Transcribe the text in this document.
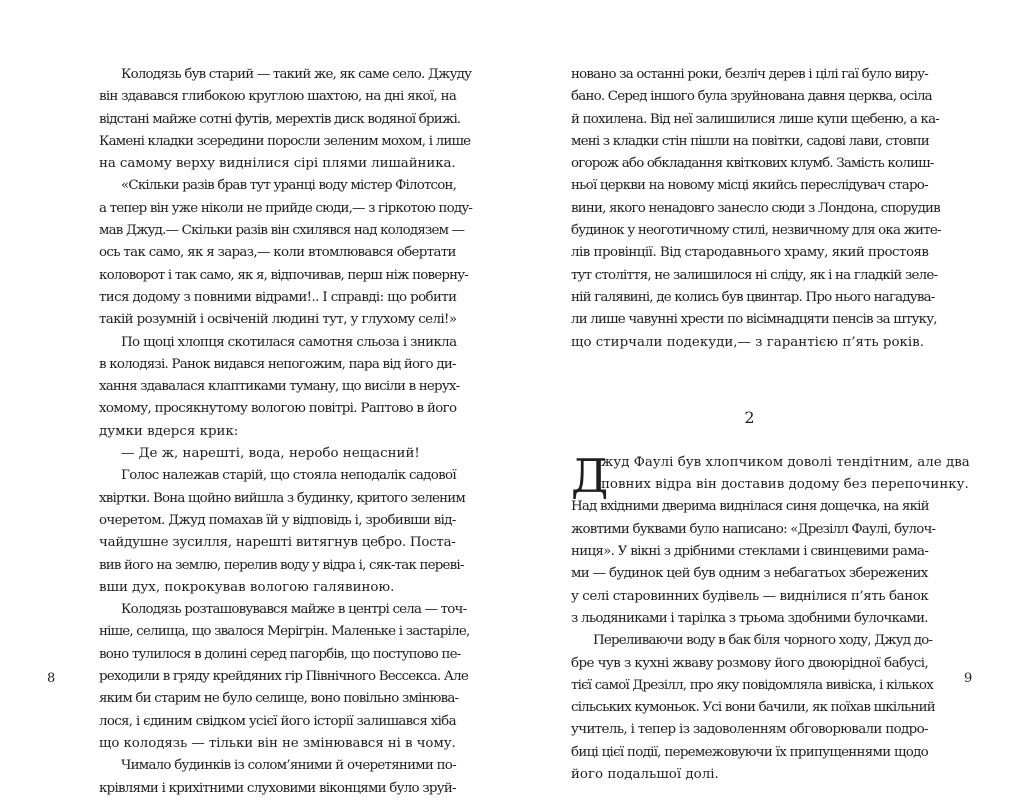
Колодязь був старий — такий же, як саме село. Джуду
він здавався глибокою круглою шахтою, на дні якої, на
відстані майже сотні футів, мерехтів диск водяної брижі.
Камені кладки зсередини поросли зеленим мохом, і лише
на самому верху виднілися сірі плями лишайника.
«Скільки разів брав тут уранці воду містер Філотсон,
а тепер він уже ніколи не прийде сюди,— з гіркотою поду-
мав Джуд.— Скільки разів він схилявся над колодязем —
ось так само, як я зараз,— коли втомлювався обертати
коловорот і так само, як я, відпочивав, перш ніж поверну-
тися додому з повними відрами!.. І справді: що робити
такій розумній і освіченій людині тут, у глухому селі!»
По щоці хлопця скотилася самотня сльоза і зникла
в колодязі. Ранок видався непогожим, пара від його ди-
хання здавалася клаптиками туману, що висіли в нерух-
хомому, просякнутому вологою повітрі. Раптово в його
думки вдерся крик:
— Де ж, нарешті, вода, неробо нещасний!
Голос належав старій, що стояла неподалік садової
хвіртки. Вона щойно вийшла з будинку, критого зеленим
очеретом. Джуд помахав їй у відповідь і, зробивши від-
чайдушне зусилля, нарешті витягнув цебро. Поста-
вив його на землю, перелив воду у відра і, сяк-так переві-
вши дух, покрокував вологою галявиною.
Колодязь розташовувався майже в центрі села — точ-
ніше, селища, що звалося Мерігрін. Маленьке і застаріле,
воно тулилося в долині серед пагорбів, що поступово пе-
реходили в гряду крейдяних гір Північного Вессекса. Але
яким би старим не було селище, воно повільно змінюва-
лося, і єдиним свідком усієї його історії залишався хіба
що колодязь — тільки він не змінювався ні в чому.
Чимало будинків із солом’яними й очеретяними по-
крівлями і крихітними слуховими віконцями було зруй-
8
новано за останні роки, безліч дерев і цілі гаї було виру-
бано. Серед іншого була зруйнована давня церква, осіла
й похилена. Від неї залишилися лише купи щебеню, а ка-
мені з кладки стін пішли на повітки, садові лави, стовпи
огорож або обкладання квіткових клумб. Замість колиш-
ньої церкви на новому місці якийсь переслідувач старо-
вини, якого ненадовго занесло сюди з Лондона, спорудив
будинок у неоготичному стилі, незвичному для ока жите-
лів провінції. Від стародавнього храму, який простояв
тут століття, не залишилося ні сліду, як і на гладкій зеле-
ній галявині, де колись був цвинтар. Про нього нагадува-
ли лише чавунні хрести по вісімнадцяти пенсів за штуку,
що стирчали подекуди,— з гарантією п’ять років.
2
Д
жуд Фаулі був хлопчиком доволі тендітним, але два
повних відра він доставив додому без перепочинку.
Над вхідними дверима виднілася синя дощечка, на якій
жовтими буквами було написано: «Дрезілл Фаулі, булоч-
ниця». У вікні з дрібними стеклами і свинцевими рама-
ми — будинок цей був одним з небагатьох збережених
у селі старовинних будівель — виднілися п’ять банок
з льодяниками і тарілка з трьома здобними булочками.
Переливаючи воду в бак біля чорного ходу, Джуд до-
бре чув з кухні жваву розмову його двоюрідної бабусі,
тієї самої Дрезілл, про яку повідомляла вивіска, і кількох
сільських кумоньок. Усі вони бачили, як поїхав шкільний
учитель, і тепер із задоволенням обговорювали подро-
биці цієї події, перемежовуючи їх припущеннями щодо
його подальшої долі.
9
